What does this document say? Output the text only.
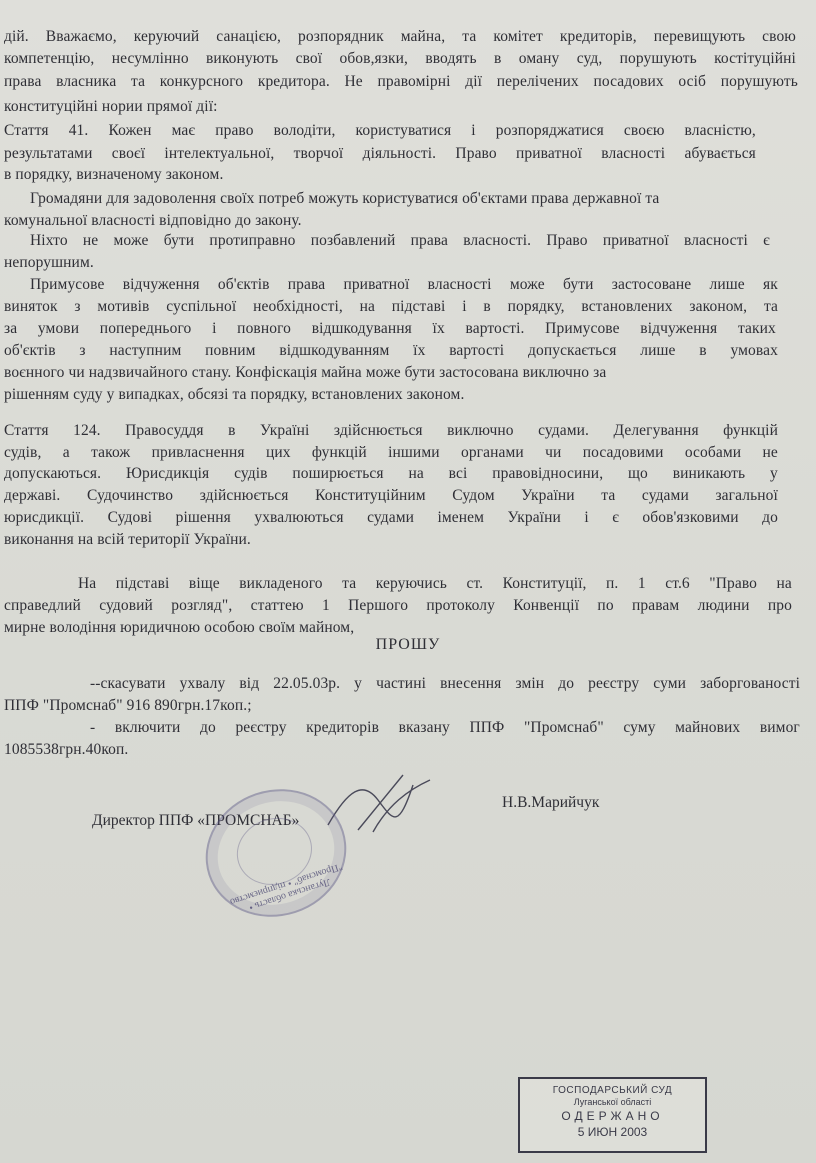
дій. Вважаємо, керуючий санацією, розпорядник майна, та комітет кредиторів, перевищують свою
компетенцію, несумлінно виконують свої обов,язки, вводять в оману суд, порушують костітуційні
права власника та конкурсного кредитора. Не правомірні дії перелічених посадових осіб порушують
конституційні нории прямої дії:
Стаття 41. Кожен має право володіти, користуватися і розпоряджатися своєю власністю,
результатами своєї інтелектуальної, творчої діяльності. Право приватної власності абувається
в порядку, визначеному законом.
Громадяни для задоволення своїх потреб можуть користуватися об'єктами права державної та
комунальної власності відповідно до закону.
Ніхто не може бути протиправно позбавлений права власності. Право приватної власності є
непорушним.
Примусове відчуження об'єктів права приватної власності може бути застосоване лише як
виняток з мотивів суспільної необхідності, на підставі і в порядку, встановлених законом, та
за умови попереднього і повного відшкодування їх вартості. Примусове відчуження таких
об'єктів з наступним повним відшкодуванням їх вартості допускається лише в умовах
воєнного чи надзвичайного стану. Конфіскація майна може бути застосована виключно за
рішенням суду у випадках, обсязі та порядку, встановлених законом.
Стаття 124. Правосуддя в Україні здійснюється виключно судами. Делегування функцій
судів, а також привласнення цих функцій іншими органами чи посадовими особами не
допускаються. Юрисдикція судів поширюється на всі правовідносини, що виникають у
державі. Судочинство здійснюється Конституційним Судом України та судами загальної
юрисдикції. Судові рішення ухвалюються судами іменем України і є обов'язковими до
виконання на всій території України.
На підставі віще викладеного та керуючись ст. Конституції, п. 1 ст.6 "Право на
справедлий судовий розгляд", статтею 1 Першого протоколу Конвенції по правам людини про
мирне володіння юридичною особою своїм майном,
--скасувати ухвалу від 22.05.03р. у частині внесення змін до реєстру суми заборгованості
ППФ "Промснаб" 916 890грн.17коп.;
- включити до реєстру кредиторів вказану ППФ "Промснаб" суму майнових вимог
1085538грн.40коп.
ПРОШУ
Директор ППФ «ПРОМСНАБ»
Н.В.Марийчук
Луганська область • "Промснаб" • підприємство
ГОСПОДАРСЬКИЙ СУД
Луганської області
ОДЕРЖАНО
5 ИЮН 2003
